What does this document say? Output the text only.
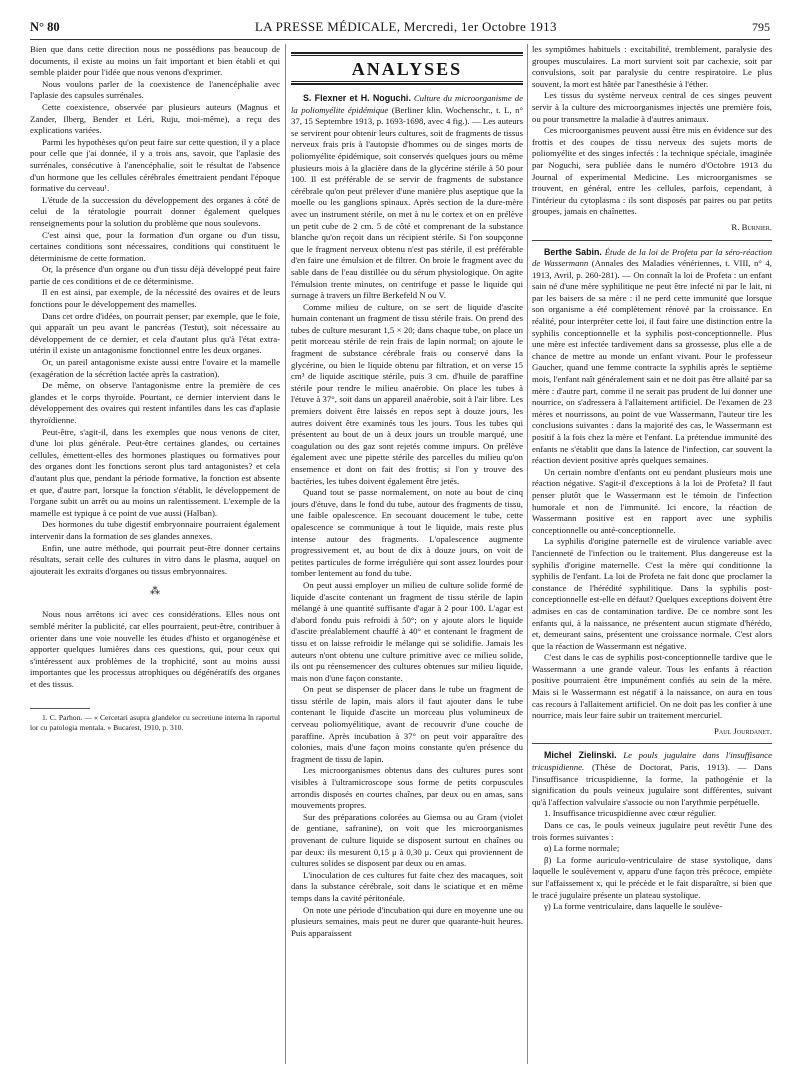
N° 80	LA PRESSE MÉDICALE, Mercredi, 1er Octobre 1913	795

Bien que dans cette direction nous ne possédions pas beaucoup de documents, il existe au moins un fait important et bien établi et qui semble plaider pour l'idée que nous venons d'exprimer.

Nous voulons parler de la coexistence de l'anencéphalie avec l'aplasie des capsules surrénales.

Cette coexistence, observée par plusieurs auteurs (Magnus et Zander, Ilberg, Bender et Léri, Ruju, moi-même), a reçu des explications variées.

Parmi les hypothèses qu'on peut faire sur cette question, il y a place pour celle que j'ai donnée, il y a trois ans, savoir, que l'aplasie des surrénales, consécutive à l'anencéphalie, soit le résultat de l'absence d'un hormone que les cellules cérébrales émettraient pendant l'époque formative du cerveau¹.

L'étude de la succession du développement des organes à côté de celui de la tératologie pourrait donner également quelques renseignements pour la solution du problème que nous soulevons.

C'est ainsi que, pour la formation d'un organe ou d'un tissu, certaines conditions sont nécessaires, conditions qui constituent le déterminisme de cette formation.

Or, la présence d'un organe ou d'un tissu déjà développé peut faire partie de ces conditions et de ce déterminisme.

Il en est ainsi, par exemple, de la nécessité des ovaires et de leurs fonctions pour le développement des mamelles.

Dans cet ordre d'idées, on pourrait penser, par exemple, que le foie, qui apparaît un peu avant le pancréas (Testut), soit nécessaire au développement de ce dernier, et cela d'autant plus qu'à l'état extra-utérin il existe un antagonisme fonctionnel entre les deux organes.

Or, un pareil antagonisme existe aussi entre l'ovaire et la mamelle (exagération de la sécrétion lactée après la castration).

De même, on observe l'antagonisme entre la première de ces glandes et le corps thyroïde. Pourtant, ce dernier intervient dans le développement des ovaires qui restent infantiles dans les cas d'aplasie thyroïdienne.

Peut-être, s'agit-il, dans les exemples que nous venons de citer, d'une loi plus générale. Peut-être certaines glandes, ou certaines cellules, émettent-elles des hormones plastiques ou formatives pour des organes dont les fonctions seront plus tard antagonistes? et cela d'autant plus que, pendant la période formative, la fonction est absente et que, d'autre part, lorsque la fonction s'établit, le développement de l'organe subit un arrêt ou au moins un ralentissement. L'exemple de la mamelle est typique à ce point de vue aussi (Halban).

Des hormones du tube digestif embryonnaire pourraient également intervenir dans la formation de ses glandes annexes.

Enfin, une autre méthode, qui pourrait peut-être donner certains résultats, serait celle des cultures in vitro dans le plasma, auquel on ajouterait les extraits d'organes ou tissus embryonnaires.

⁂

Nous nous arrêtons ici avec ces considérations. Elles nous ont semblé mériter la publicité, car elles pourraient, peut-être, contribuer à orienter dans une voie nouvelle les études d'histo et organogénèse et apporter quelques lumières dans ces questions, qui, pour ceux qui s'intéressent aux problèmes de la trophicité, sont au moins aussi importantes que les processus atrophiques ou dégénératifs des organes et des tissus.

1. C. Parhon. — « Cercetari asupra glandelor cu secretiune interna în raportul lor cu patologia mentala. » Bucarest, 1910, p. 310.

ANALYSES

S. Flexner et H. Noguchi. Culture du microorganisme de la poliomyélite épidémique (Berliner klin. Wochenschr., t. L, n° 37, 15 Septembre 1913, p. 1693-1698, avec 4 fig.). — Les auteurs se servirent pour obtenir leurs cultures, soit de fragments de tissus nerveux frais pris à l'autopsie d'hommes ou de singes morts de poliomyélite épidémique, soit conservés quelques jours ou même plusieurs mois à la glacière dans de la glycérine stérile à 50 pour 100. Il est préférable de se servir de fragments de substance cérébrale qu'on peut prélever d'une manière plus aseptique que la moelle ou les ganglions spinaux. Après section de la dure-mère avec un instrument stérile, on met à nu le cortex et on en prélève un petit cube de 2 cm. 5 de côté et comprenant de la substance blanche qu'on reçoit dans un récipient stérile. Si l'on soupçonne que le fragment nerveux obtenu n'est pas stérile, il est préférable d'en faire une émulsion et de filtrer. On broie le fragment avec du sable dans de l'eau distillée ou du sérum physiologique. On agite l'émulsion trente minutes, on centrifuge et passe le liquide qui surnage à travers un filtre Berkefeld N ou V.

Comme milieu de culture, on se sert de liquide d'ascite humain contenant un fragment de tissu stérile frais. On prend des tubes de culture mesurant 1,5 × 20; dans chaque tube, on place un petit morceau stérile de rein frais de lapin normal; on ajoute le fragment de substance cérébrale frais ou conservé dans la glycérine, ou bien le liquide obtenu par filtration, et on verse 15 cm³ de liquide ascitique stérile, puis 3 cm. d'huile de paraffine stérile pour rendre le milieu anaérobie. On place les tubes à l'étuve à 37°, soit dans un appareil anaérobie, soit à l'air libre. Les premiers doivent être laissés en repos sept à douze jours, les autres doivent être examinés tous les jours. Tous les tubes qui présentent au bout de un à deux jours un trouble marqué, une coagulation ou des gaz sont rejetés comme impurs. On prélève également avec une pipette stérile des parcelles du milieu qu'on ensemence et dont on fait des frottis; si l'on y trouve des bactéries, les tubes doivent également être jetés.

Quand tout se passe normalement, on note au bout de cinq jours d'étuve, dans le fond du tube, autour des fragments de tissu, une faible opalescence. En secouant doucement le tube, cette opalescence se communique à tout le liquide, mais reste plus intense autour des fragments. L'opalescence augmente progressivement et, au bout de dix à douze jours, on voit de petites particules de forme irrégulière qui sont assez lourdes pour tomber lentement au fond du tube.

On peut aussi employer un milieu de culture solide formé de liquide d'ascite contenant un fragment de tissu stérile de lapin mélangé à une quantité suffisante d'agar à 2 pour 100. L'agar est d'abord fondu puis refroidi à 50°; on y ajoute alors le liquide d'ascite préalablement chauffé à 40° et contenant le fragment de tissu et on laisse refroidir le mélange qui se solidifie. Jamais les auteurs n'ont obtenu une culture primitive avec ce milieu solide, ils ont pu réensemencer des cultures obtenues sur milieu liquide, mais non d'une façon constante.

On peut se dispenser de placer dans le tube un fragment de tissu stérile de lapin, mais alors il faut ajouter dans le tube contenant le liquide d'ascite un morceau plus volumineux de cerveau poliomyélitique, avant de recouvrir d'une couche de paraffine. Après incubation à 37° on peut voir apparaître des colonies, mais d'une façon moins constante qu'en présence du fragment de tissu de lapin.

Les microorganismes obtenus dans des cultures pures sont visibles à l'ultramicroscope sous forme de petits corpuscules arrondis disposés en courtes chaînes, par deux ou en amas, sans mouvements propres.

Sur des préparations colorées au Giemsa ou au Gram (violet de gentiane, safranine), on voit que les microorganismes provenant de culture liquide se disposent surtout en chaînes ou par deux: ils mesurent 0,15 μ à 0,30 μ. Ceux qui proviennent de cultures solides se disposent par deux ou en amas.

L'inoculation de ces cultures fut faite chez des macaques, soit dans la substance cérébrale, soit dans le sciatique et en même temps dans la cavité péritonéale.

On note une période d'incubation qui dure en moyenne une ou plusieurs semaines, mais peut ne durer que quarante-huit heures. Puis apparaissent

les symptômes habituels : excitabilité, tremblement, paralysie des groupes musculaires. La mort survient soit par cachexie, soit par convulsions, soit par paralysie du centre respiratoire. Le plus souvent, la mort est hâtée par l'anesthésie à l'éther.

Les tissus du système nerveux central de ces singes peuvent servir à la culture des microorganismes injectés une première fois, ou pour transmettre la maladie à d'autres animaux.

Ces microorganismes peuvent aussi être mis en évidence sur des frottis et des coupes de tissu nerveux des sujets morts de poliomyélite et des singes infectés : la technique spéciale, imaginée par Noguchi, sera publiée dans le numéro d'Octobre 1913 du Journal of experimental Medicine. Les microorganismes se trouvent, en général, entre les cellules, parfois, cependant, à l'intérieur du cytoplasma : ils sont disposés par paires ou par petits groupes, jamais en chaînettes.

R. Burnier.

Berthe Sabin. Étude de la loi de Profeta par la séro-réaction de Wassermann (Annales des Maladies vénériennes, t. VIII, n° 4, 1913, Avril, p. 260-281). — On connaît la loi de Profeta : un enfant sain né d'une mère syphilitique ne peut être infecté ni par le lait, ni par les baisers de sa mère : il ne perd cette immunité que lorsque son organisme a été complètement rénové par la croissance. En réalité, pour interpréter cette loi, il faut faire une distinction entre la syphilis conceptionnelle et la syphilis post-conceptionnelle. Plus une mère est infectée tardivement dans sa grossesse, plus elle a de chance de mettre au monde un enfant vivant. Pour le professeur Gaucher, quand une femme contracte la syphilis après le septième mois, l'enfant naît généralement sain et ne doit pas être allaité par sa mère : d'autre part, comme il ne serait pas prudent de lui donner une nourrice, on s'adressera à l'allaitement artificiel. De l'examen de 23 mères et nourrissons, au point de vue Wassermann, l'auteur tire les conclusions suivantes : dans la majorité des cas, le Wassermann est positif à la fois chez la mère et l'enfant. La prétendue immunité des enfants ne s'établit que dans la latence de l'infection, car souvent la réaction devient positive après quelques semaines.

Un certain nombre d'enfants ont eu pendant plusieurs mois une réaction négative. S'agit-il d'exceptions à la loi de Profeta? Il faut penser plutôt que le Wassermann est le témoin de l'infection humorale et non de l'immunité. Ici encore, la réaction de Wassermann positive est en rapport avec une syphilis conceptionnelle ou anté-conceptionnelle.

La syphilis d'origine paternelle est de virulence variable avec l'ancienneté de l'infection ou le traitement. Plus dangereuse est la syphilis d'origine maternelle. C'est la mère qui conditionne la syphilis de l'enfant. La loi de Profeta ne fait donc que proclamer la constance de l'hérédité syphilitique. Dans la syphilis post-conceptionnelle est-elle en défaut? Quelques exceptions doivent être admises en cas de contamination tardive. De ce nombre sont les enfants qui, à la naissance, ne présentent aucun stigmate d'hérédo, et, demeurant sains, présentent une croissance normale. C'est alors que la réaction de Wassermann est négative.

C'est dans le cas de syphilis post-conceptionnelle tardive que le Wassermann a une grande valeur. Tous les enfants à réaction positive pourraient être impunément confiés au sein de la mère. Mais si le Wassermann est négatif à la naissance, on aura en tous cas recours à l'allaitement artificiel. On ne doit pas les confier à une nourrice, mais leur faire subir un traitement mercuriel.

Paul Jourdanet.

Michel Zielinski. Le pouls jugulaire dans l'insuffisance tricuspidienne. (Thèse de Doctorat, Paris, 1913). — Dans l'insuffisance tricuspidienne, la forme, la pathogénie et la signification du pouls veineux jugulaire sont différentes, suivant qu'à l'affection valvulaire s'associe ou non l'arythmie perpétuelle.

1. Insuffisance tricuspidienne avec cœur régulier.

Dans ce cas, le pouls veineux jugulaire peut revêtir l'une des trois formes suivantes :

α) La forme normale;

β) La forme auriculo-ventriculaire de stase systolique, dans laquelle le soulèvement v, apparu d'une façon très précoce, empiète sur l'affaissement x, qui le précède et le fait disparaître, si bien que le tracé jugulaire présente un plateau systolique.

γ) La forme ventriculaire, dans laquelle le soulève-
